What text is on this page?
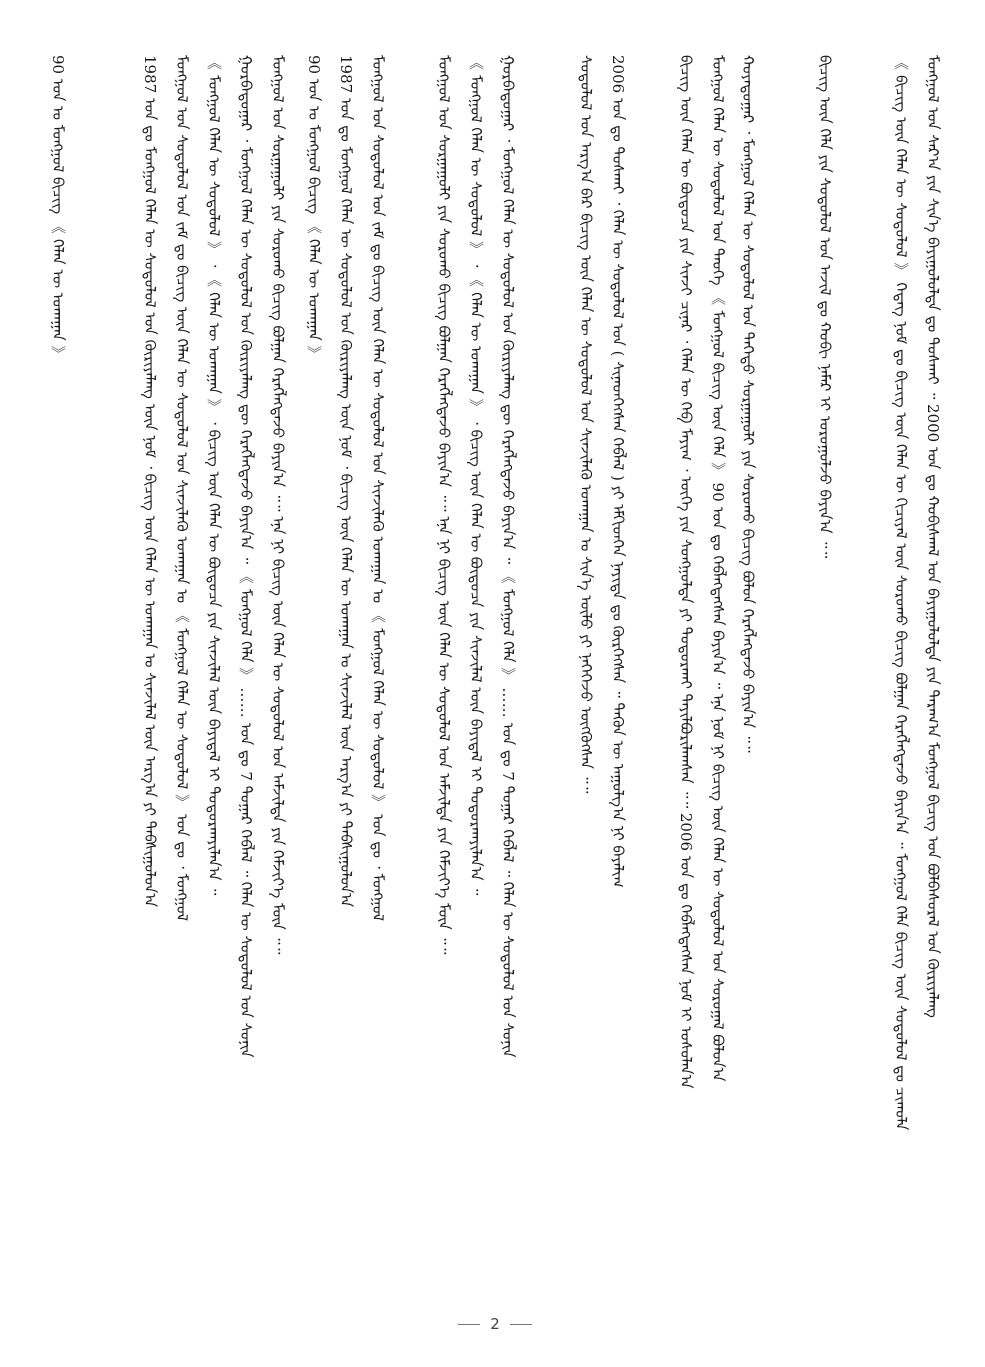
ᠮᠣᠩᠭᠣᠯ ᠤᠨ ᠰᠠᠷ᠎ᠠ ᠶᠢᠨ ᠰᠢᠨ᠎ᠡ ᠪᠠᠶᠢᠭᠤᠯᠤᠯᠲᠠ ᠳᠤ ᠲᠤᠰᠬᠠᠢ ᠃ 2000 ᠣᠨ ᠳᠤ ᠬᠤᠪᠢᠰᠬᠠᠯ ᠤᠨ ᠪᠠᠶᠢᠭᠤᠯᠤᠯᠲᠠ ᠶᠢᠨ ᠳᠠᠷᠠᠭ᠎ᠠ ᠮᠣᠩᠭᠣᠯ ᠪᠢᠴᠢᠭ᠌ ᠤᠨ ᠪᠣᠯᠪᠠᠰᠤᠷᠠᠯ ᠤᠨ ᠬᠦᠷᠢᠶᠡᠯᠡᠩ
《 ᠪᠢᠴᠢᠭ᠌ ᠦᠨ ᠬᠡᠯᠡᠨ ᠦ ᠰᠤᠳᠤᠯᠤᠯ 》 ᠭᠡᠳᠡᠭ ᠨᠣᠮ ᠳᠤ ᠪᠢᠴᠢᠭ᠌ ᠦᠨ ᠬᠡᠯᠡᠨ ᠦ ᠬᠢᠴᠢᠶᠡᠯ ᠦᠨ ᠰᠤᠷᠤᠬᠤ ᠪᠢᠴᠢᠭ᠌ ᠪᠣᠯᠭᠠᠨ ᠬᠡᠷᠡᠭᠯᠡᠭᠳᠡᠵᠦ ᠪᠠᠶᠢᠨ᠎ᠠ ᠃ ᠮᠣᠩᠭᠣᠯ ᠬᠡᠯᠡ ᠪᠢᠴᠢᠭ᠌ ᠦᠨ ᠰᠤᠳᠤᠯᠤᠯ ᠳᠤ ᠴᠢᠬᠤᠯᠠ
ᠪᠢᠴᠢᠭ᠌ ᠦᠨ ᠬᠡᠯᠡ ᠶᠢᠨ ᠰᠤᠳᠤᠯᠤᠯ ᠤᠨ ᠠᠵᠢᠯ ᠳᠤ ᠬᠤᠪᠢ ᠨᠡᠮᠡᠷ ᠢ ᠣᠷᠤᠭᠤᠯᠵᠤ ᠪᠠᠶᠢᠨ᠎ᠠ ᠃᠃
ᠬᠣᠶᠠᠳᠤᠭᠠᠷ ᠂ ᠮᠣᠩᠭᠣᠯ ᠬᠡᠯᠡᠨ ᠦ ᠰᠤᠳᠤᠯᠤᠯ ᠤᠨ ᠳᠡᠭᠡᠳᠦ ᠰᠤᠷᠭᠠᠭᠤᠯᠢ ᠶᠢᠨ ᠰᠤᠷᠤᠬᠤ ᠪᠢᠴᠢᠭ᠌ ᠪᠣᠯᠤᠨ ᠬᠡᠷᠡᠭᠯᠡᠭᠳᠡᠵᠦ ᠪᠠᠶᠢᠨ᠎ᠠ ᠃᠃
ᠮᠣᠩᠭᠣᠯ ᠬᠡᠯᠡᠨ ᠦ ᠰᠤᠳᠤᠯᠤᠯ ᠤᠨ ᠲᠡᠦᠬᠡ 《 ᠮᠣᠩᠭᠣᠯ ᠪᠢᠴᠢᠭ᠌ ᠦᠨ ᠬᠡᠯᠡ 》 90 ᠣᠨ ᠳᠤ ᠬᠡᠪᠯᠡᠭᠳᠡᠭᠰᠡᠨ ᠪᠠᠶᠢᠨ᠎ᠠ ᠃ ᠡᠨᠡ ᠨᠣᠮ ᠨᠢ ᠪᠢᠴᠢᠭ᠌ ᠦᠨ ᠬᠡᠯᠡᠨ ᠦ ᠰᠤᠳᠤᠯᠤᠯ ᠤᠨ ᠰᠤᠷᠤᠭᠠᠯ ᠪᠣᠯᠤᠨ᠎ᠠ
ᠪᠢᠴᠢᠭ᠌ ᠦᠨ ᠬᠡᠯᠡᠨ ᠦ ᠪᠦᠲᠦᠴᠡ ᠶᠢᠨ ᠰᠢᠨᠵᠢ ᠴᠢᠨᠠᠷ ᠂ ᠬᠡᠯᠡᠨ ᠦ ᠬᠡᠪ ᠮᠠᠶᠢᠭ ᠂ ᠦᠭᠡ ᠶᠢᠨ ᠰᠣᠩᠭᠣᠯᠲᠠ ᠶᠢ ᠲᠣᠳᠣᠷᠬᠠᠢ ᠲᠠᠶᠢᠯᠪᠤᠷᠢᠯᠠᠭᠰᠠᠨ ᠃᠃ 2006 ᠣᠨ ᠳᠤ ᠬᠡᠪᠯᠡᠭᠳᠡᠭᠰᠡᠨ ᠨᠣᠮ ᠢ ᠤᠰᠤᠯᠠᠨ᠎ᠠ
2006 ᠣᠨ ᠳᠤ ᠲᠤᠰᠬᠠᠢ ᠂ ᠬᠡᠯᠡᠨ ᠦ ᠰᠤᠳᠤᠯᠤᠯ ᠤᠨ ( ᠰᠢᠨᠡᠳᠬᠡᠭᠰᠡᠨ ᠬᠡᠪᠯᠡᠯ ) ᠶᠢ ᠡᠮᠬᠢᠳᠬᠡᠨ ᠨᠡᠶᠢᠲᠡ ᠳᠤ ᠬᠦᠷᠭᠡᠭᠰᠡᠨ ᠃ ᠲᠡᠭᠦᠨ ᠦ ᠠᠭᠤᠯᠭ᠎ᠠ ᠨᠢ ᠪᠠᠶᠠᠯᠢᠭ
ᠰᠤᠳᠤᠯᠤᠯ ᠤᠨ ᠠᠷᠭ᠎ᠠ ᠪᠠᠷ ᠪᠢᠴᠢᠭ᠌ ᠦᠨ ᠬᠡᠯᠡᠨ ᠦ ᠰᠤᠳᠤᠯᠤᠯ ᠤᠨ ᠰᠢᠨᠵᠢᠯᠡᠬᠦ ᠤᠬᠠᠭᠠᠨ ᠤ ᠰᠢᠨ᠎ᠡ ᠦᠯᠦ ᠶᠢ ᠨᠡᠭᠡᠭᠡᠵᠦ ᠦᠭᠭᠦᠭᠰᠡᠨ ᠃᠃
ᠭᠤᠷᠪᠠᠳᠤᠭᠠᠷ ᠂ ᠮᠣᠩᠭᠣᠯ ᠬᠡᠯᠡᠨ ᠦ ᠰᠤᠳᠤᠯᠤᠯ ᠤᠨ ᠬᠦᠷᠢᠶᠡᠯᠡᠩ ᠳᠦ ᠬᠡᠷᠡᠭᠯᠡᠭᠳᠡᠵᠦ ᠪᠠᠶᠢᠨ᠎ᠠ ᠃ 《 ᠮᠣᠩᠭᠣᠯ ᠬᠡᠯᠡ 》 …… ᠣᠨ ᠳᠤ 7 ᠳᠤᠭᠠᠷ ᠬᠡᠪᠯᠡᠯ ᠃ ᠬᠡᠯᠡᠨ ᠦ ᠰᠤᠳᠤᠯᠤᠯ ᠤᠨ ᠰᠣᠨᠢᠨ
《 ᠮᠣᠩᠭᠣᠯ ᠬᠡᠯᠡᠨ ᠦ ᠰᠤᠳᠤᠯᠤᠯ 》 ᠂ 《 ᠬᠡᠯᠡᠨ ᠦ ᠤᠬᠠᠭᠠᠨ 》 ᠂ ᠪᠢᠴᠢᠭ᠌ ᠦᠨ ᠬᠡᠯᠡᠨ ᠦ ᠪᠦᠲᠦᠴᠡ ᠶᠢᠨ ᠰᠢᠨᠵᠢᠯᠡᠯ ᠦᠨ ᠪᠠᠶᠢᠳᠠᠯ ᠢ ᠲᠣᠳᠣᠷᠬᠠᠶᠢᠯᠠᠨ᠎ᠠ ᠃
ᠮᠣᠩᠭᠣᠯ ᠤᠨ ᠰᠤᠷᠭᠠᠭᠤᠯᠢ ᠶᠢᠨ ᠰᠤᠷᠤᠬᠤ ᠪᠢᠴᠢᠭ᠌ ᠪᠣᠯᠭᠠᠨ ᠬᠡᠷᠡᠭᠯᠡᠭᠳᠡᠵᠦ ᠪᠠᠶᠢᠨ᠎ᠠ ᠃᠃ ᠡᠨᠡ ᠨᠢ ᠪᠢᠴᠢᠭ᠌ ᠦᠨ ᠬᠡᠯᠡᠨ ᠦ ᠰᠤᠳᠤᠯᠤᠯ ᠤᠨ ᠠᠮᠵᠢᠯᠲᠠ ᠶᠢᠨ ᠬᠡᠮᠵᠢᠶ᠎ᠡ ᠮᠥᠨ ᠃᠃
ᠮᠣᠩᠭᠣᠯ ᠤᠨ ᠰᠤᠳᠤᠯᠤᠯ ᠤᠨ ᠵᠠᠮ ᠳᠤ ᠪᠢᠴᠢᠭ᠌ ᠦᠨ ᠬᠡᠯᠡᠨ ᠦ ᠰᠤᠳᠤᠯᠤᠯ ᠤᠨ ᠰᠢᠨᠵᠢᠯᠡᠬᠦ ᠤᠬᠠᠭᠠᠨ ᠤ 《 ᠮᠣᠩᠭᠣᠯ ᠬᠡᠯᠡᠨ ᠦ ᠰᠤᠳᠤᠯᠤᠯ 》 ᠣᠨ ᠳᠤ ᠂ ᠮᠣᠩᠭᠣᠯ
1987 ᠣᠨ ᠳᠤ ᠮᠣᠩᠭᠣᠯ ᠬᠡᠯᠡᠨ ᠦ ᠰᠤᠳᠤᠯᠤᠯ ᠤᠨ ᠬᠦᠷᠢᠶᠡᠯᠡᠩ ᠦᠨ ᠨᠣᠮ ᠂ ᠪᠢᠴᠢᠭ᠌ ᠦᠨ ᠬᠡᠯᠡᠨ ᠦ ᠤᠬᠠᠭᠠᠨ ᠤ ᠰᠢᠨᠵᠢᠯᠡᠯ ᠦᠨ ᠠᠷᠭ᠎ᠠ ᠶᠢ ᠳᠠᠪᠰᠢᠭᠤᠯᠤᠨ᠎ᠠ
90 ᠣᠨ ᠤ ᠮᠣᠩᠭᠣᠯ ᠪᠢᠴᠢᠭ᠌ 《 ᠬᠡᠯᠡᠨ ᠦ ᠤᠬᠠᠭᠠᠨ 》
ᠮᠣᠩᠭᠣᠯ ᠤᠨ ᠰᠤᠷᠭᠠᠭᠤᠯᠢ ᠶᠢᠨ ᠰᠤᠷᠤᠬᠤ ᠪᠢᠴᠢᠭ᠌ ᠪᠣᠯᠭᠠᠨ ᠬᠡᠷᠡᠭᠯᠡᠭᠳᠡᠵᠦ ᠪᠠᠶᠢᠨ᠎ᠠ ᠃᠃ ᠡᠨᠡ ᠨᠢ ᠪᠢᠴᠢᠭ᠌ ᠦᠨ ᠬᠡᠯᠡᠨ ᠦ ᠰᠤᠳᠤᠯᠤᠯ ᠤᠨ ᠠᠮᠵᠢᠯᠲᠠ ᠶᠢᠨ ᠬᠡᠮᠵᠢᠶ᠎ᠡ ᠮᠥᠨ ᠃᠃
ᠭᠤᠷᠪᠠᠳᠤᠭᠠᠷ ᠂ ᠮᠣᠩᠭᠣᠯ ᠬᠡᠯᠡᠨ ᠦ ᠰᠤᠳᠤᠯᠤᠯ ᠤᠨ ᠬᠦᠷᠢᠶᠡᠯᠡᠩ ᠳᠦ ᠬᠡᠷᠡᠭᠯᠡᠭᠳᠡᠵᠦ ᠪᠠᠶᠢᠨ᠎ᠠ ᠃ 《 ᠮᠣᠩᠭᠣᠯ ᠬᠡᠯᠡ 》 …… ᠣᠨ ᠳᠤ 7 ᠳᠤᠭᠠᠷ ᠬᠡᠪᠯᠡᠯ ᠃ ᠬᠡᠯᠡᠨ ᠦ ᠰᠤᠳᠤᠯᠤᠯ ᠤᠨ ᠰᠣᠨᠢᠨ
《 ᠮᠣᠩᠭᠣᠯ ᠬᠡᠯᠡᠨ ᠦ ᠰᠤᠳᠤᠯᠤᠯ 》 ᠂ 《 ᠬᠡᠯᠡᠨ ᠦ ᠤᠬᠠᠭᠠᠨ 》 ᠂ ᠪᠢᠴᠢᠭ᠌ ᠦᠨ ᠬᠡᠯᠡᠨ ᠦ ᠪᠦᠲᠦᠴᠡ ᠶᠢᠨ ᠰᠢᠨᠵᠢᠯᠡᠯ ᠦᠨ ᠪᠠᠶᠢᠳᠠᠯ ᠢ ᠲᠣᠳᠣᠷᠬᠠᠶᠢᠯᠠᠨ᠎ᠠ ᠃
ᠮᠣᠩᠭᠣᠯ ᠤᠨ ᠰᠤᠳᠤᠯᠤᠯ ᠤᠨ ᠵᠠᠮ ᠳᠤ ᠪᠢᠴᠢᠭ᠌ ᠦᠨ ᠬᠡᠯᠡᠨ ᠦ ᠰᠤᠳᠤᠯᠤᠯ ᠤᠨ ᠰᠢᠨᠵᠢᠯᠡᠬᠦ ᠤᠬᠠᠭᠠᠨ ᠤ 《 ᠮᠣᠩᠭᠣᠯ ᠬᠡᠯᠡᠨ ᠦ ᠰᠤᠳᠤᠯᠤᠯ 》 ᠣᠨ ᠳᠤ ᠂ ᠮᠣᠩᠭᠣᠯ
1987 ᠣᠨ ᠳᠤ ᠮᠣᠩᠭᠣᠯ ᠬᠡᠯᠡᠨ ᠦ ᠰᠤᠳᠤᠯᠤᠯ ᠤᠨ ᠬᠦᠷᠢᠶᠡᠯᠡᠩ ᠦᠨ ᠨᠣᠮ ᠂ ᠪᠢᠴᠢᠭ᠌ ᠦᠨ ᠬᠡᠯᠡᠨ ᠦ ᠤᠬᠠᠭᠠᠨ ᠤ ᠰᠢᠨᠵᠢᠯᠡᠯ ᠦᠨ ᠠᠷᠭ᠎ᠠ ᠶᠢ ᠳᠠᠪᠰᠢᠭᠤᠯᠤᠨ᠎ᠠ
90 ᠣᠨ ᠤ ᠮᠣᠩᠭᠣᠯ ᠪᠢᠴᠢᠭ᠌ 《 ᠬᠡᠯᠡᠨ ᠦ ᠤᠬᠠᠭᠠᠨ 》
2
